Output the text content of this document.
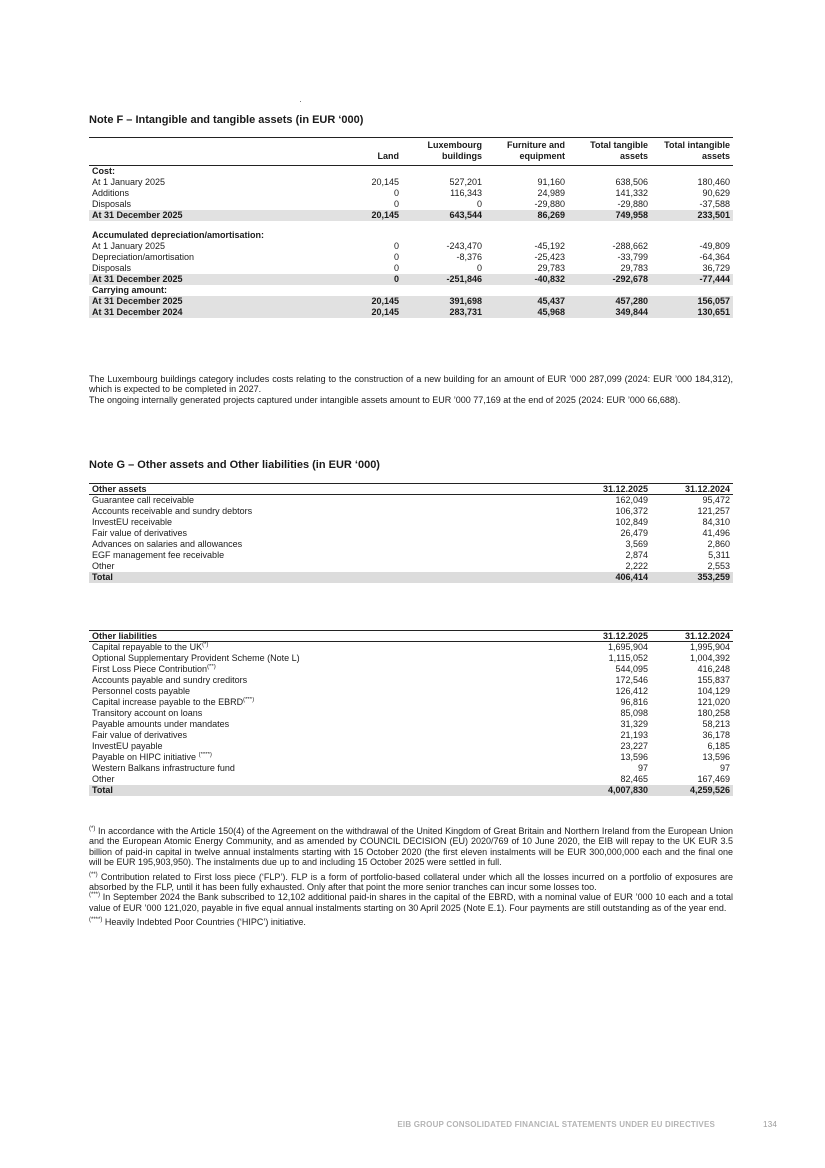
Note F – Intangible and tangible assets (in EUR ‘000)
	Land	Luxembourg buildings	Furniture and equipment	Total tangible assets	Total intangible assets
Cost:					
At 1 January 2025	20,145	527,201	91,160	638,506	180,460
Additions	0	116,343	24,989	141,332	90,629
Disposals	0	0	-29,880	-29,880	-37,588
At 31 December 2025	20,145	643,544	86,269	749,958	233,501

Accumulated depreciation/amortisation:					
At 1 January 2025	0	-243,470	-45,192	-288,662	-49,809
Depreciation/amortisation	0	-8,376	-25,423	-33,799	-64,364
Disposals	0	0	29,783	29,783	36,729
At 31 December 2025	0	-251,846	-40,832	-292,678	-77,444
Carrying amount:					
At 31 December 2025	20,145	391,698	45,437	457,280	156,057
At 31 December 2024	20,145	283,731	45,968	349,844	130,651

The Luxembourg buildings category includes costs relating to the construction of a new building for an amount of EUR ’000 287,099 (2024: EUR ’000 184,312), which is expected to be completed in 2027.

The ongoing internally generated projects captured under intangible assets amount to EUR ’000 77,169 at the end of 2025 (2024: EUR ’000 66,688).

Note G – Other assets and Other liabilities (in EUR ‘000)
Other assets	31.12.2025	31.12.2024
Guarantee call receivable	162,049	95,472
Accounts receivable and sundry debtors	106,372	121,257
InvestEU receivable	102,849	84,310
Fair value of derivatives	26,479	41,496
Advances on salaries and allowances	3,569	2,860
EGF management fee receivable	2,874	5,311
Other	2,222	2,553
Total	406,414	353,259
Other liabilities	31.12.2025	31.12.2024
Capital repayable to the UK(*)	1,695,904	1,995,904
Optional Supplementary Provident Scheme (Note L)	1,115,052	1,004,392
First Loss Piece Contribution(**)	544,095	416,248
Accounts payable and sundry creditors	172,546	155,837
Personnel costs payable	126,412	104,129
Capital increase payable to the EBRD(***)	96,816	121,020
Transitory account on loans	85,098	180,258
Payable amounts under mandates	31,329	58,213
Fair value of derivatives	21,193	36,178
InvestEU payable	23,227	6,185
Payable on HIPC initiative (****)	13,596	13,596
Western Balkans infrastructure fund	97	97
Other	82,465	167,469
Total	4,007,830	4,259,526

(*) In accordance with the Article 150(4) of the Agreement on the withdrawal of the United Kingdom of Great Britain and Northern Ireland from the European Union and the European Atomic Energy Community, and as amended by COUNCIL DECISION (EU) 2020/769 of 10 June 2020, the EIB will repay to the UK EUR 3.5 billion of paid-in capital in twelve annual instalments starting with 15 October 2020 (the first eleven instalments will be EUR 300,000,000 each and the final one will be EUR 195,903,950). The instalments due up to and including 15 October 2025 were settled in full.

(**) Contribution related to First loss piece (‘FLP’). FLP is a form of portfolio-based collateral under which all the losses incurred on a portfolio of exposures are absorbed by the FLP, until it has been fully exhausted. Only after that point the more senior tranches can incur some losses too.

(***) In September 2024 the Bank subscribed to 12,102 additional paid-in shares in the capital of the EBRD, with a nominal value of EUR ’000 10 each and a total value of EUR ’000 121,020, payable in five equal annual instalments starting on 30 April 2025 (Note E.1). Four payments are still outstanding as of the year end.

(****) Heavily Indebted Poor Countries (‘HIPC’) initiative.

EIB GROUP CONSOLIDATED FINANCIAL STATEMENTS UNDER EU DIRECTIVES	134
